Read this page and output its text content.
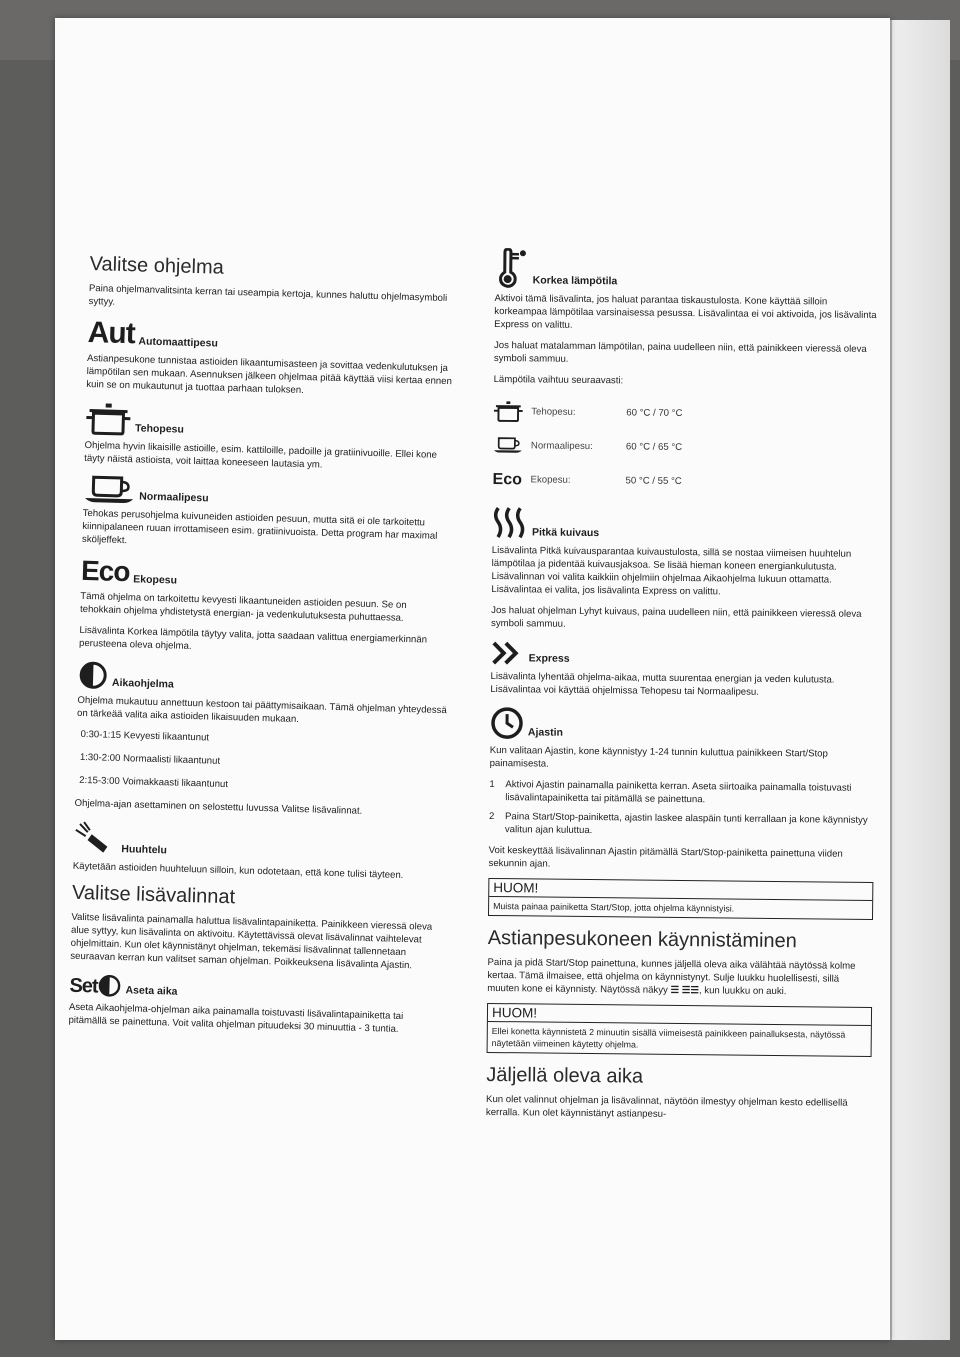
Valitse ohjelma

Paina ohjelmanvalitsinta kerran tai useampia kertoja, kunnes haluttu ohjelmasymboli syttyy.

Aut Automaattipesu

Astianpesukone tunnistaa astioiden likaantumisasteen ja sovittaa vedenkulutuksen ja lämpötilan sen mukaan. Asennuksen jälkeen ohjelmaa pitää käyttää viisi kertaa ennen kuin se on mukautunut ja tuottaa parhaan tuloksen.

Tehopesu

Ohjelma hyvin likaisille astioille, esim. kattiloille, padoille ja gratiinivuoille. Ellei kone täyty näistä astioista, voit laittaa koneeseen lautasia ym.

Normaalipesu

Tehokas perusohjelma kuivuneiden astioiden pesuun, mutta sitä ei ole tarkoitettu kiinnipalaneen ruuan irrottamiseen esim. gratiinivuoista. Detta program har maximal sköljeffekt.

Eco Ekopesu

Tämä ohjelma on tarkoitettu kevyesti likaantuneiden astioiden pesuun. Se on tehokkain ohjelma yhdistetystä energian- ja vedenkulutuksesta puhuttaessa.

Lisävalinta Korkea lämpötila täytyy valita, jotta saadaan valittua energiamerkinnän perusteena oleva ohjelma.

Aikaohjelma

Ohjelma mukautuu annettuun kestoon tai päättymisaikaan. Tämä ohjelman yhteydessä on tärkeää valita aika astioiden likaisuuden mukaan.

0:30-1:15 Kevyesti likaantunut
1:30-2:00 Normaalisti likaantunut
2:15-3:00 Voimakkaasti likaantunut

Ohjelma-ajan asettaminen on selostettu luvussa Valitse lisävalinnat.

Huuhtelu

Käytetään astioiden huuhteluun silloin, kun odotetaan, että kone tulisi täyteen.

Valitse lisävalinnat

Valitse lisävalinta painamalla haluttua lisävalintapainiketta. Painikkeen vieressä oleva alue syttyy, kun lisävalinta on aktivoitu. Käytettävissä olevat lisävalinnat vaihtelevat ohjelmittain. Kun olet käynnistänyt ohjelman, tekemäsi lisävalinnat tallennetaan seuraavan kerran kun valitset saman ohjelman. Poikkeuksena lisävalinta Ajastin.

Set	Aseta aika

Aseta Aikaohjelma-ohjelman aika painamalla toistuvasti lisävalintapainiketta tai pitämällä se painettuna. Voit valita ohjelman pituudeksi 30 minuuttia - 3 tuntia.

Korkea lämpötila

Aktivoi tämä lisävalinta, jos haluat parantaa tiskaustulosta. Kone käyttää silloin korkeampaa lämpötilaa varsinaisessa pesussa. Lisävalintaa ei voi aktivoida, jos lisävalinta Express on valittu.

Jos haluat matalamman lämpötilan, paina uudelleen niin, että painikkeen vieressä oleva symboli sammuu.

Lämpötila vaihtuu seuraavasti:

Tehopesu:	60 °C / 70 °C
Normaalipesu:	60 °C / 65 °C
Eco Ekopesu:	50 °C / 55 °C
Pitkä kuivaus

Lisävalinta Pitkä kuivausparantaa kuivaustulosta, sillä se nostaa viimeisen huuhtelun lämpötilaa ja pidentää kuivausjaksoa. Se lisää hieman koneen energiankulutusta. Lisävalinnan voi valita kaikkiin ohjelmiin ohjelmaa Aikaohjelma lukuun ottamatta. Lisävalintaa ei valita, jos lisävalinta Express on valittu.

Jos haluat ohjelman Lyhyt kuivaus, paina uudelleen niin, että painikkeen vieressä oleva symboli sammuu.

Express

Lisävalinta lyhentää ohjelma-aikaa, mutta suurentaa energian ja veden kulutusta. Lisävalintaa voi käyttää ohjelmissa Tehopesu tai Normaalipesu.

Ajastin

Kun valitaan Ajastin, kone käynnistyy 1-24 tunnin kuluttua painikkeen Start/Stop painamisesta.

1	Aktivoi Ajastin painamalla painiketta kerran. Aseta siirtoaika painamalla toistuvasti lisävalintapainiketta tai pitämällä se painettuna.
2	Paina Start/Stop-painiketta, ajastin laskee alaspäin tunti kerrallaan ja kone käynnistyy valitun ajan kuluttua.

Voit keskeyttää lisävalinnan Ajastin pitämällä Start/Stop-painiketta painettuna viiden sekunnin ajan.

HUOM!
Muista painaa painiketta Start/Stop, jotta ohjelma käynnistyisi.
Astianpesukoneen käynnistäminen

Paina ja pidä Start/Stop painettuna, kunnes jäljellä oleva aika välähtää näytössä kolme kertaa. Tämä ilmaisee, että ohjelma on käynnistynyt. Sulje luukku huolellisesti, sillä muuten kone ei käynnisty. Näytössä näkyy ☰ ☰☰, kun luukku on auki.

HUOM!
Ellei konetta käynnistetä 2 minuutin sisällä viimeisestä painikkeen painalluksesta, näytössä näytetään viimeinen käytetty ohjelma.
Jäljellä oleva aika

Kun olet valinnut ohjelman ja lisävalinnat, näytöön ilmestyy ohjelman kesto edellisellä kerralla. Kun olet käynnistänyt astianpesu-
